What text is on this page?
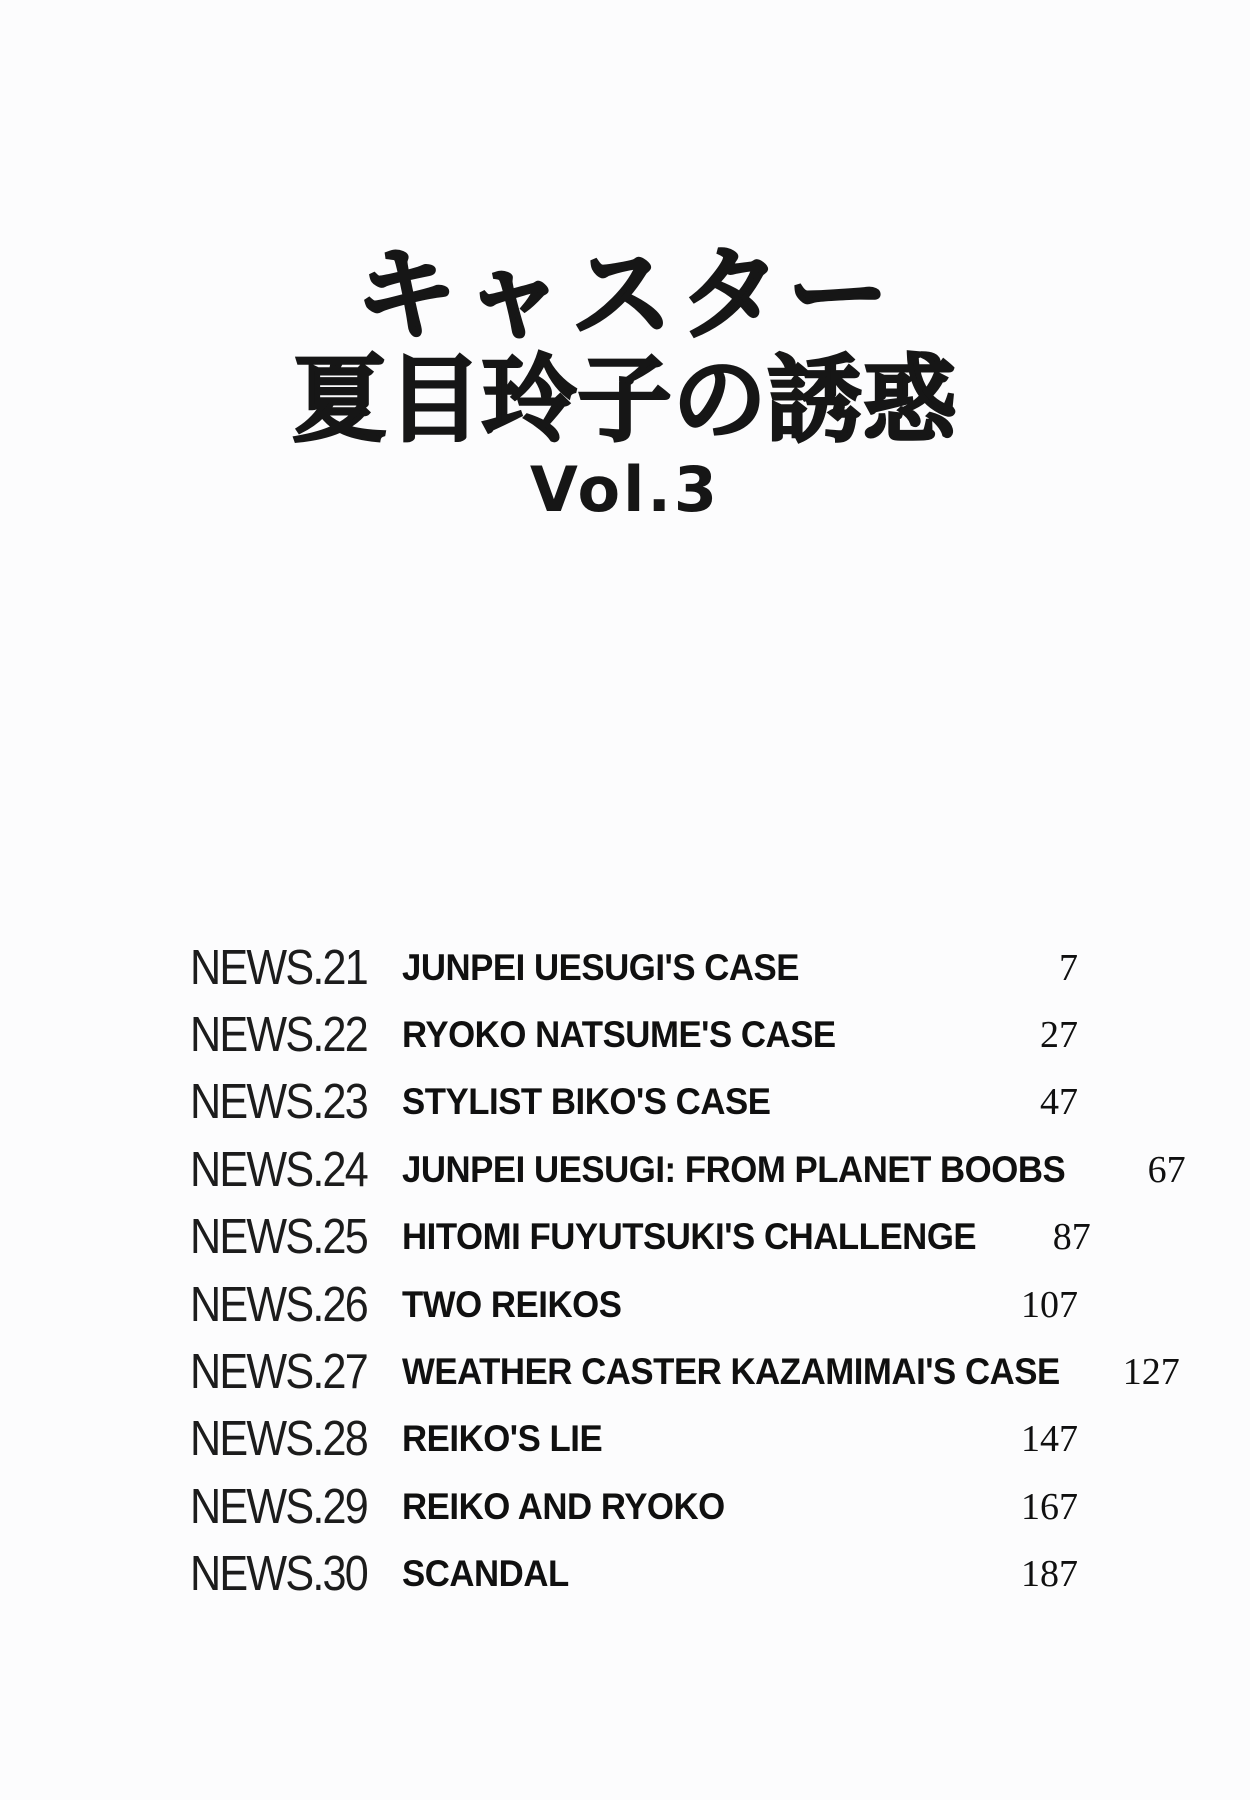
キャスター
夏目玲子の誘惑
Vol.3
NEWS.21 JUNPEI UESUGI'S CASE	7
NEWS.22 RYOKO NATSUME'S CASE	27
NEWS.23 STYLIST BIKO'S CASE	47
NEWS.24 JUNPEI UESUGI: FROM PLANET BOOBS	67
NEWS.25 HITOMI FUYUTSUKI'S CHALLENGE	87
NEWS.26 TWO REIKOS	107
NEWS.27 WEATHER CASTER KAZAMIMAI'S CASE	127
NEWS.28 REIKO'S LIE	147
NEWS.29 REIKO AND RYOKO	167
NEWS.30 SCANDAL	187
